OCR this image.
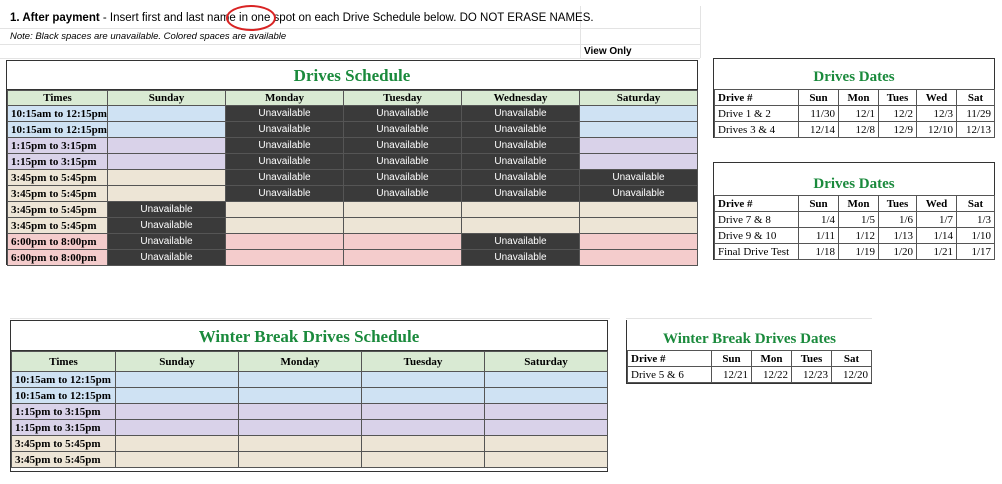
1. After payment - Insert first and last name in one spot on each Drive Schedule below. DO NOT ERASE NAMES.
Note: Black spaces are unavailable. Colored spaces are available
View Only
Drives Schedule
Times	Sunday	Monday	Tuesday	Wednesday	Saturday
10:15am to 12:15pm		Unavailable	Unavailable	Unavailable	
10:15am to 12:15pm		Unavailable	Unavailable	Unavailable	
1:15pm to 3:15pm		Unavailable	Unavailable	Unavailable	
1:15pm to 3:15pm		Unavailable	Unavailable	Unavailable	
3:45pm to 5:45pm		Unavailable	Unavailable	Unavailable	Unavailable
3:45pm to 5:45pm		Unavailable	Unavailable	Unavailable	Unavailable
3:45pm to 5:45pm	Unavailable				
3:45pm to 5:45pm	Unavailable				
6:00pm to 8:00pm	Unavailable			Unavailable	
6:00pm to 8:00pm	Unavailable			Unavailable	
Drives Dates
Drive #	Sun	Mon	Tues	Wed	Sat
Drive 1 & 2	11/30	12/1	12/2	12/3	11/29
Drives 3 & 4	12/14	12/8	12/9	12/10	12/13
Drives Dates
Drive #	Sun	Mon	Tues	Wed	Sat
Drive 7 & 8	1/4	1/5	1/6	1/7	1/3
Drive 9 & 10	1/11	1/12	1/13	1/14	1/10
Final Drive Test	1/18	1/19	1/20	1/21	1/17
Winter Break Drives Schedule
Times	Sunday	Monday	Tuesday	Saturday
10:15am to 12:15pm				
10:15am to 12:15pm				
1:15pm to 3:15pm				
1:15pm to 3:15pm				
3:45pm to 5:45pm				
3:45pm to 5:45pm				
Winter Break Drives Dates
Drive #	Sun	Mon	Tues	Sat
Drive 5 & 6	12/21	12/22	12/23	12/20
